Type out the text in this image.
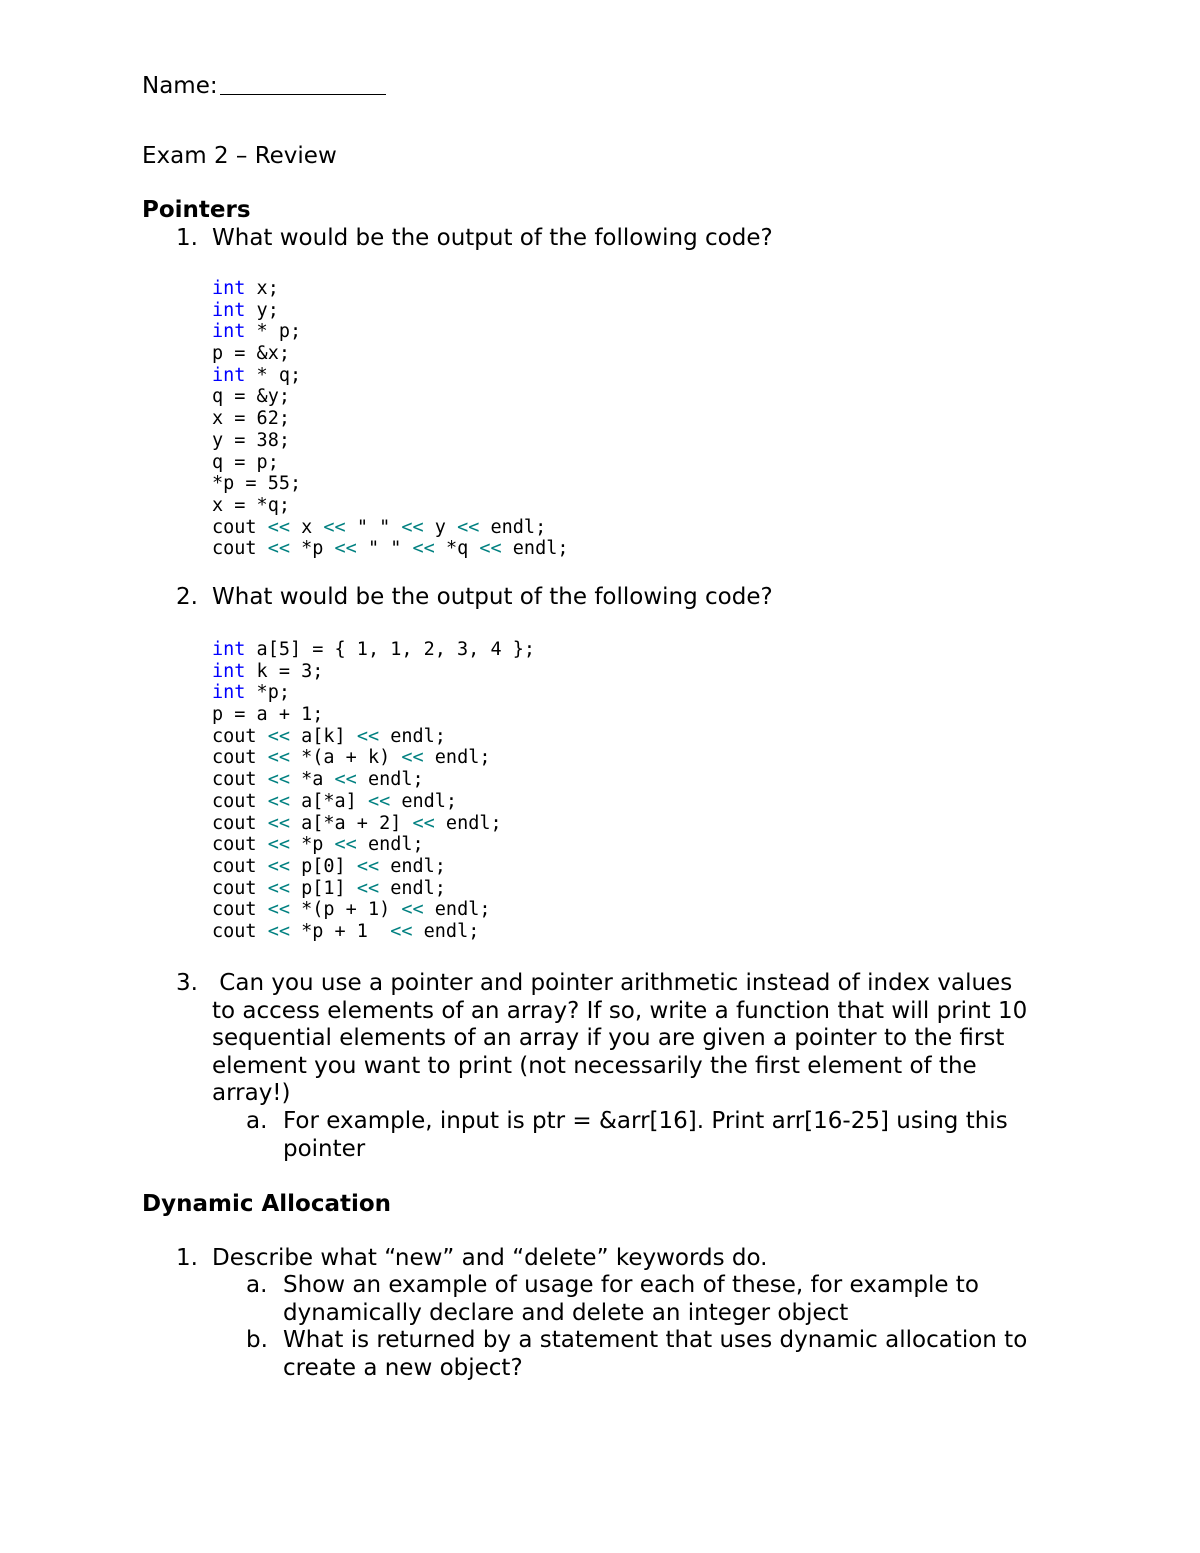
Name:
Exam 2 – Review
Pointers
1. What would be the output of the following code?
int x;
int y;
int * p;
p = &x;
int * q;
q = &y;
x = 62;
y = 38;
q = p;
*p = 55;
x = *q;
cout << x << " " << y << endl;
cout << *p << " " << *q << endl;
2. What would be the output of the following code?
int a[5] = { 1, 1, 2, 3, 4 };
int k = 3;
int *p;
p = a + 1;
cout << a[k] << endl;
cout << *(a + k) << endl;
cout << *a << endl;
cout << a[*a] << endl;
cout << a[*a + 2] << endl;
cout << *p << endl;
cout << p[0] << endl;
cout << p[1] << endl;
cout << *(p + 1) << endl;
cout << *p + 1  << endl;
3. Can you use a pointer and pointer arithmetic instead of index values
to access elements of an array? If so, write a function that will print 10
sequential elements of an array if you are given a pointer to the first
element you want to print (not necessarily the first element of the
array!)
a. For example, input is ptr = &arr[16]. Print arr[16-25] using this
pointer
Dynamic Allocation
1. Describe what “new” and “delete” keywords do.
a. Show an example of usage for each of these, for example to
dynamically declare and delete an integer object
b. What is returned by a statement that uses dynamic allocation to
create a new object?
